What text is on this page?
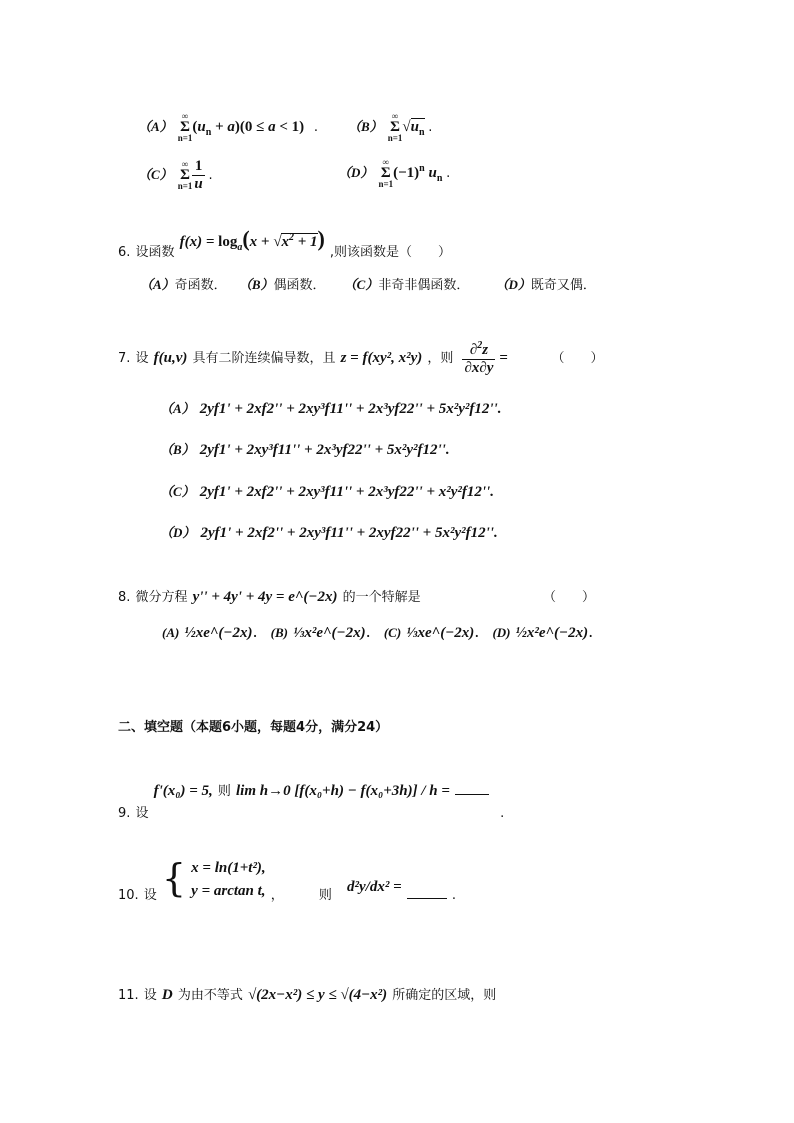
（A） ∞
Σ
$n=1(u_n + a)(0 \le a < 1)$ . （B） ∞
Σ
$n=1√u_n$ .
（C） ∞
Σ
$n=1 \frac{1}{u}$ .	（D） ∞
Σ
$n=1(-1)^n$ $u_n$ .
6. 设函数 $f(x) = \log_a(x + √x^2 + 1)$ ,则该函数是（　　）
（A）奇函数． （B）偶函数． （C）非奇非偶函数． （D）既奇又偶．
7. 设 f(u,v) 具有二阶连续偏导数，且 z = f(xy², x²y) ，则 $\frac{\partial^2z}{\partial x\partial y}$ =	（　　）
（A） 2yf1' + 2xf2'' + 2xy³f11'' + 2x³yf22'' + 5x²y²f12''.
（B） 2yf1' + 2xy³f11'' + 2x³yf22'' + 5x²y²f12''.
（C） 2yf1' + 2xf2'' + 2xy³f11'' + 2x³yf22'' + x²y²f12''.
（D） 2yf1' + 2xf2'' + 2xy³f11'' + 2xyf22'' + 5x²y²f12''.
8. 微分方程 y'' + 4y' + 4y = e^(−2x) 的一个特解是	（　　）
(A) ½xe^(−2x). (B) ⅓x²e^(−2x). (C) ⅓xe^(−2x). (D) ½x²e^(−2x).
二、填空题（本题6小题，每题4分，满分24）
$_{9.}$ $_设$ f'(x₀) = 5, 则 lim h→0 [f(x₀+h) − f(x₀+3h)] / h =  $_.$
$_{10.}$ $_设$ { x = ln(1+t²),
y = arctan t, $_,$	$_则$ d²y/dx² =  $_.$
11. 设 D 为由不等式 √(2x−x²) ≤ y ≤ √(4−x²) 所确定的区域，则
